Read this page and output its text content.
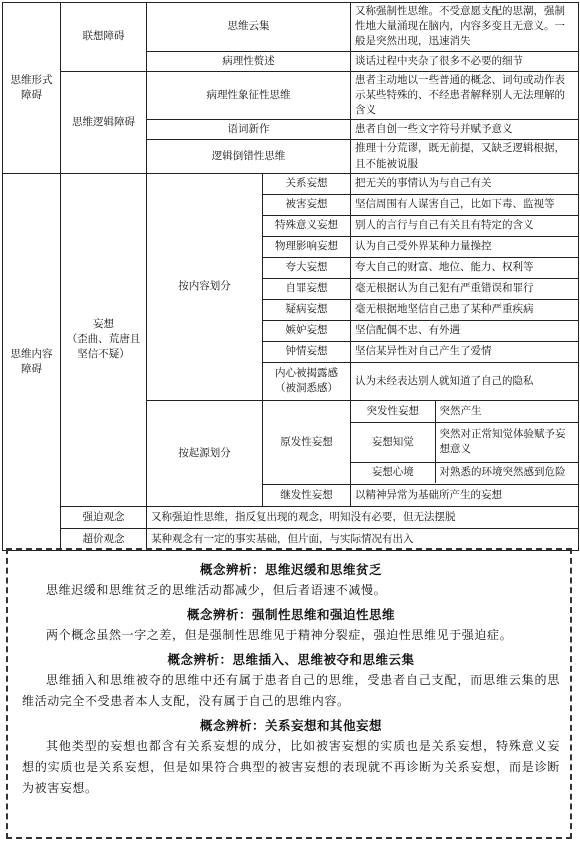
思维形式障碍	联想障碍	思维云集	又称强制性思维。不受意愿支配的思潮，强制性地大量涌现在脑内，内容多变且无意义。一般是突然出现，迅速消失
病理性赘述	谈话过程中夹杂了很多不必要的细节
思维逻辑障碍	病理性象征性思维	患者主动地以一些普通的概念、词句或动作表示某些特殊的、不经患者解释别人无法理解的含义
语词新作	患者自创一些文字符号并赋予意义
逻辑倒错性思维	推理十分荒谬，既无前提，又缺乏逻辑根据，且不能被说服
思维内容障碍	妄想
（歪曲、荒唐且坚信不疑）	按内容划分	关系妄想	把无关的事情认为与自己有关
被害妄想	坚信周围有人谋害自己，比如下毒、监视等
特殊意义妄想	别人的言行与自己有关且有特定的含义
物理影响妄想	认为自己受外界某种力量操控
夸大妄想	夸大自己的财富、地位、能力、权利等
自罪妄想	毫无根据认为自己犯有严重错误和罪行
疑病妄想	毫无根据地坚信自己患了某种严重疾病
嫉妒妄想	坚信配偶不忠、有外遇
钟情妄想	坚信某异性对自己产生了爱情
内心被揭露感（被洞悉感）	认为未经表达别人就知道了自己的隐私
按起源划分	原发性妄想	
突发性妄想	突然产生
妄想知觉	突然对正常知觉体验赋予妄想意义
妄想心境	对熟悉的环境突然感到危险

继发性妄想	以精神异常为基础所产生的妄想
强迫观念	又称强迫性思维，指反复出现的观念，明知没有必要，但无法摆脱
超价观念	某种观念有一定的事实基础，但片面，与实际情况有出入
概念辨析：思维迟缓和思维贫乏

思维迟缓和思维贫乏的思维活动都减少，但后者语速不减慢。

概念辨析：强制性思维和强迫性思维

两个概念虽然一字之差，但是强制性思维见于精神分裂症，强迫性思维见于强迫症。

概念辨析：思维插入、思维被夺和思维云集

思维插入和思维被夺的思维中还有属于患者自己的思维，受患者自己支配，而思维云集的思维活动完全不受患者本人支配，没有属于自己的思维内容。

概念辨析：关系妄想和其他妄想

其他类型的妄想也都含有关系妄想的成分，比如被害妄想的实质也是关系妄想，特殊意义妄想的实质也是关系妄想，但是如果符合典型的被害妄想的表现就不再诊断为关系妄想，而是诊断为被害妄想。
